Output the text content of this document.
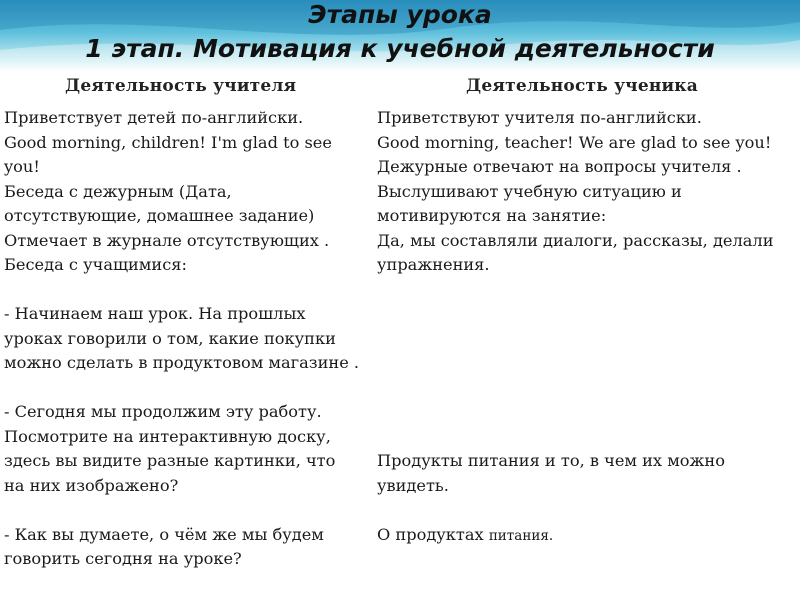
Этапы урока
1 этап. Мотивация к учебной деятельности
Деятельность учителя	Деятельность ученика
Приветствует детей по-английски.
Good morning, children! I'm glad to see
you!
Беседа с дежурным (Дата,
отсутствующие, домашнее задание)
Отмечает в журнале отсутствующих .
Беседа с учащимися:
- Начинаем наш урок. На прошлых
уроках говорили о том, какие покупки
можно сделать в продуктовом магазине .
- Сегодня мы продолжим эту работу.
Посмотрите на интерактивную доску,
здесь вы видите разные картинки, что
на них изображено?
- Как вы думаете, о чём же мы будем
говорить сегодня на уроке?
Приветствуют учителя по-английски.
Good morning, teacher! We are glad to see you!
Дежурные отвечают на вопросы учителя .
Выслушивают учебную ситуацию и
мотивируются на занятие:
Да, мы составляли диалоги, рассказы, делали
упражнения.
Продукты питания и то, в чем их можно
увидеть.
О продуктах питания.
